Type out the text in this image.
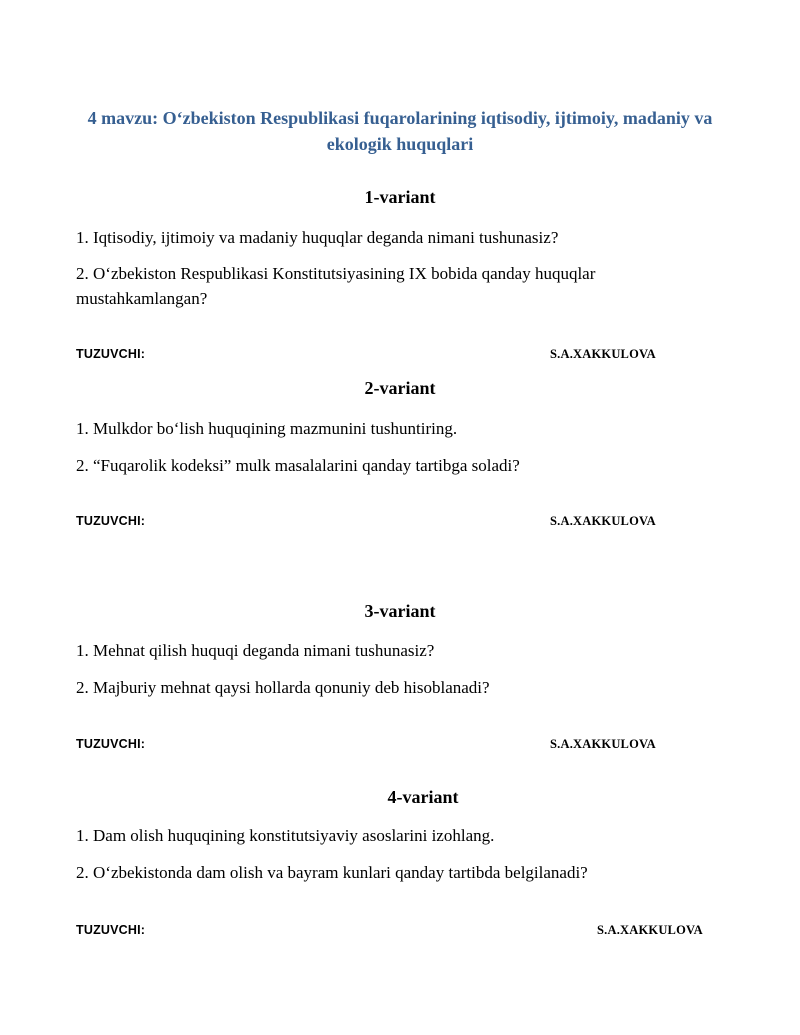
4 mavzu: O‘zbekiston Respublikasi fuqarolarining iqtisodiy, ijtimoiy, madaniy va ekologik huquqlari
1-variant
1. Iqtisodiy, ijtimoiy va madaniy huquqlar deganda nimani tushunasiz?
2. O‘zbekiston Respublikasi Konstitutsiyasining IX bobida qanday huquqlar mustahkamlangan?
TUZUVCHI:	S.A.XAKKULOVA
2-variant
1. Mulkdor bo‘lish huquqining mazmunini tushuntiring.
2. “Fuqarolik kodeksi” mulk masalalarini qanday tartibga soladi?
TUZUVCHI:	S.A.XAKKULOVA
3-variant
1. Mehnat qilish huquqi deganda nimani tushunasiz?
2. Majburiy mehnat qaysi hollarda qonuniy deb hisoblanadi?
TUZUVCHI:	S.A.XAKKULOVA
4-variant
1. Dam olish huquqining konstitutsiyaviy asoslarini izohlang.
2. O‘zbekistonda dam olish va bayram kunlari qanday tartibda belgilanadi?
TUZUVCHI:	S.A.XAKKULOVA
